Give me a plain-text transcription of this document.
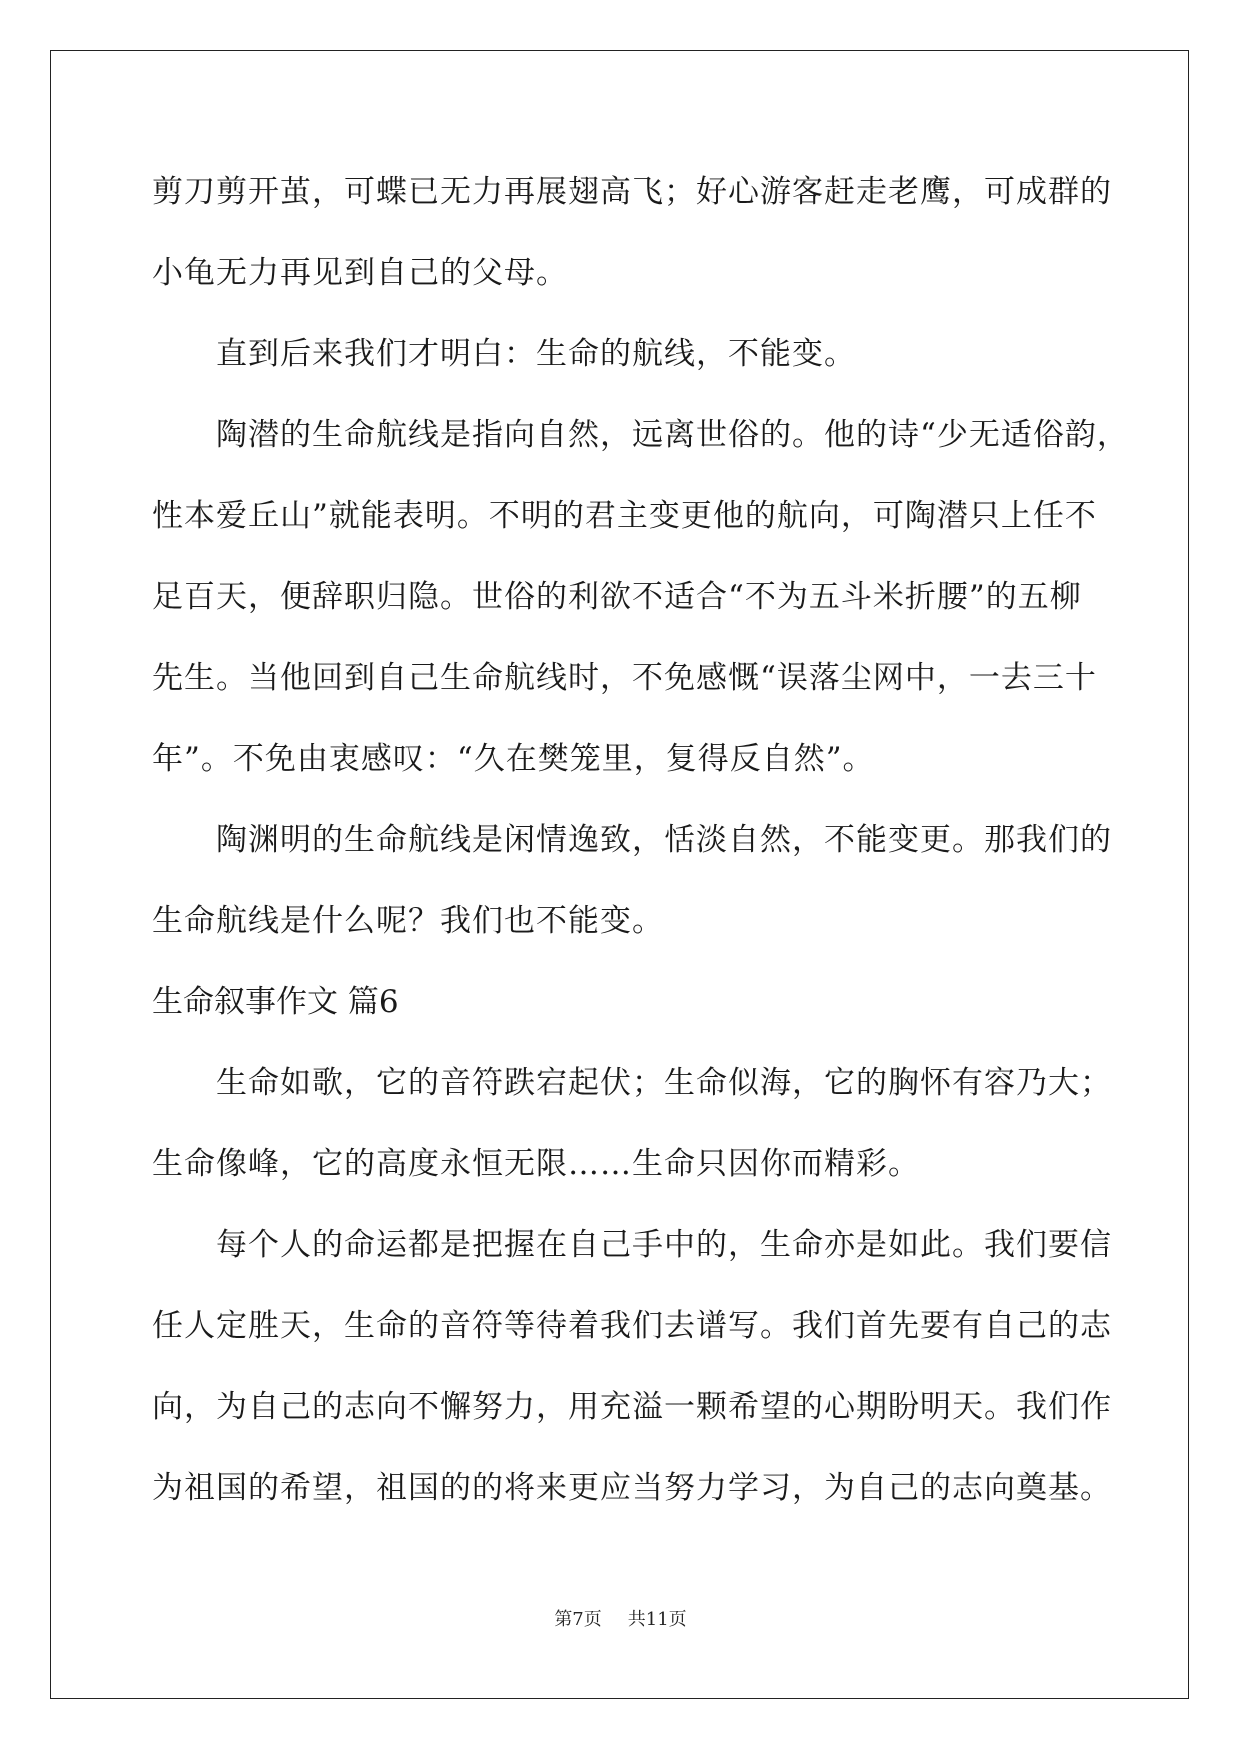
剪刀剪开茧，可蝶已无力再展翅高飞；好心游客赶走老鹰，可成群的
小龟无力再见到自己的父母。
直到后来我们才明白：生命的航线，不能变。
陶潜的生命航线是指向自然，远离世俗的。他的诗“少无适俗韵，
性本爱丘山”就能表明。不明的君主变更他的航向，可陶潜只上任不
足百天，便辞职归隐。世俗的利欲不适合“不为五斗米折腰”的五柳
先生。当他回到自己生命航线时，不免感慨“误落尘网中，一去三十
年”。不免由衷感叹：“久在樊笼里，复得反自然”。
陶渊明的生命航线是闲情逸致，恬淡自然，不能变更。那我们的
生命航线是什么呢？我们也不能变。
生命叙事作文 篇6
生命如歌，它的音符跌宕起伏；生命似海，它的胸怀有容乃大；
生命像峰，它的高度永恒无限……生命只因你而精彩。
每个人的命运都是把握在自己手中的，生命亦是如此。我们要信
任人定胜天，生命的音符等待着我们去谱写。我们首先要有自己的志
向，为自己的志向不懈努力，用充溢一颗希望的心期盼明天。我们作
为祖国的希望，祖国的的将来更应当努力学习，为自己的志向奠基。
第7页 共11页
